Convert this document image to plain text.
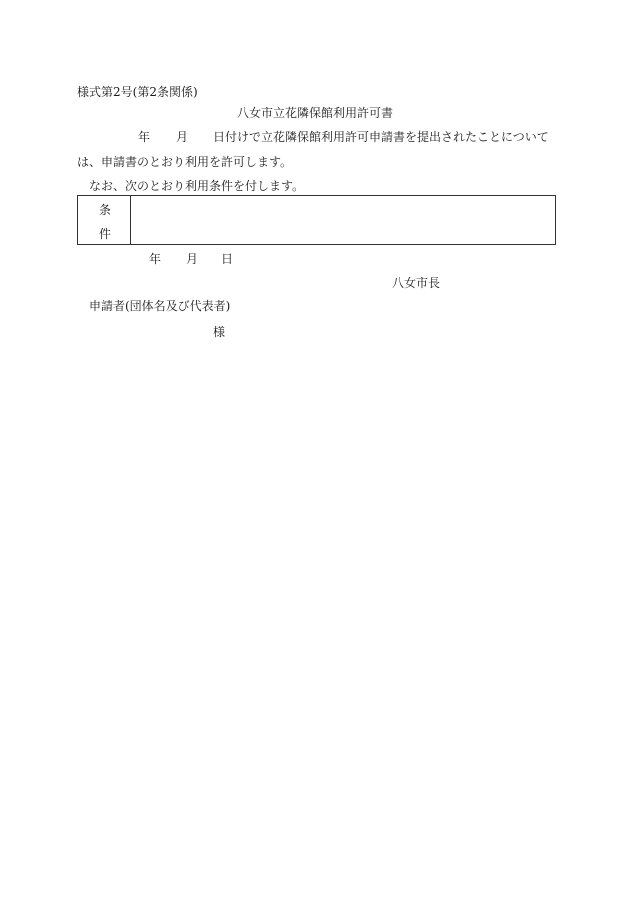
様式第2号(第2条関係)
八女市立花隣保館利用許可書
年 月 日付けで立花隣保館利用許可申請書を提出されたことについて
は、申請書のとおり利用を許可します。
なお、次のとおり利用条件を付します。
条
件
年 月 日
八女市長
申請者(団体名及び代表者)
様
